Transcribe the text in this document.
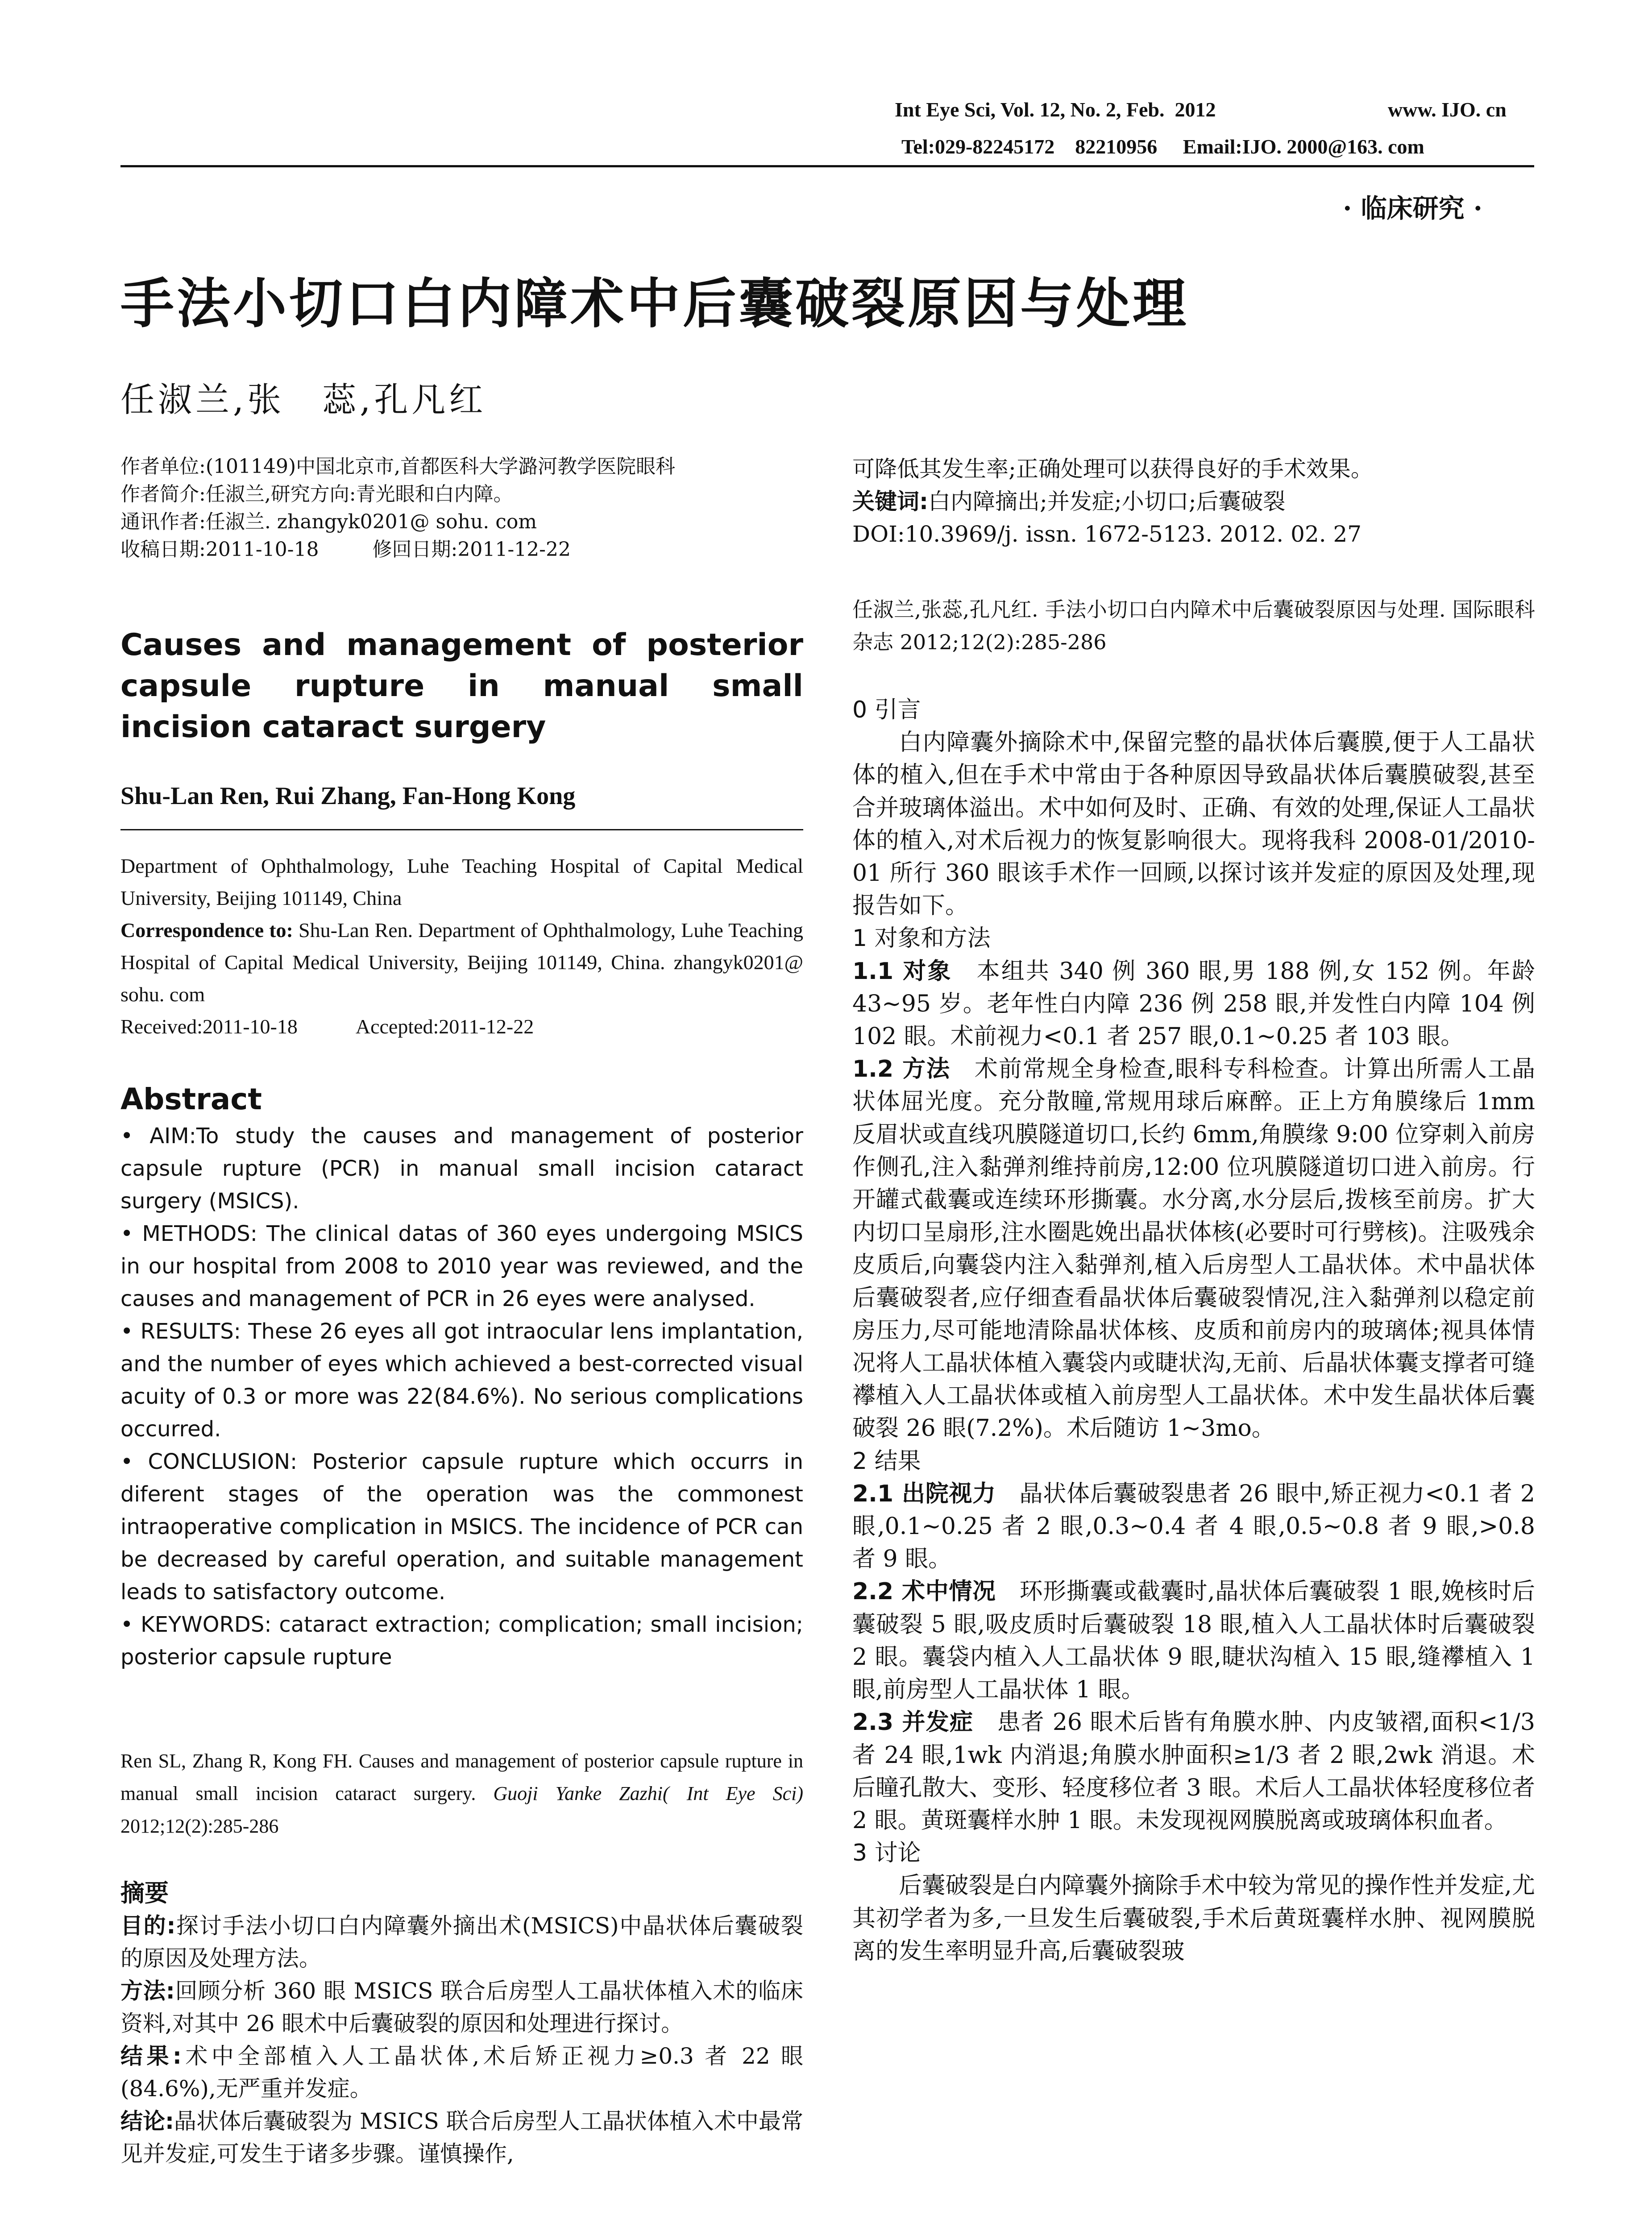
Int Eye Sci, Vol. 12, No. 2, Feb.  2012	www. IJO. cn
Tel:029-82245172    82210956     Email:IJO. 2000@163. com
· 临床研究 ·
手法小切口白内障术中后囊破裂原因与处理
任淑兰,张　蕊,孔凡红

作者单位:(101149)中国北京市,首都医科大学潞河教学医院眼科

作者简介:任淑兰,研究方向:青光眼和白内障。

通讯作者:任淑兰. zhangyk0201@ sohu. com

收稿日期:2011-10-18	修回日期:2011-12-22

Causes and management of posterior capsule rupture in manual small incision cataract surgery
Shu-Lan Ren, Rui Zhang, Fan-Hong Kong

Department of Ophthalmology, Luhe Teaching Hospital of Capital Medical University, Beijing 101149, China

Correspondence to: Shu-Lan Ren. Department of Ophthalmology, Luhe Teaching Hospital of Capital Medical University, Beijing 101149, China. zhangyk0201@ sohu. com

Received:2011-10-18	Accepted:2011-12-22

Abstract

• AIM:To study the causes and management of posterior capsule rupture (PCR) in manual small incision cataract surgery (MSICS).

• METHODS: The clinical datas of 360 eyes undergoing MSICS in our hospital from 2008 to 2010 year was reviewed, and the causes and management of PCR in 26 eyes were analysed.

• RESULTS: These 26 eyes all got intraocular lens implantation, and the number of eyes which achieved a best-corrected visual acuity of 0.3 or more was 22(84.6%). No serious complications occurred.

• CONCLUSION: Posterior capsule rupture which occurrs in diferent stages of the operation was the commonest intraoperative complication in MSICS. The incidence of PCR can be decreased by careful operation, and suitable management leads to satisfactory outcome.

• KEYWORDS: cataract extraction; complication; small incision; posterior capsule rupture

Ren SL, Zhang R, Kong FH. Causes and management of posterior capsule rupture in manual small incision cataract surgery. Guoji Yanke Zazhi( Int Eye Sci) 2012;12(2):285-286

摘要

目的:探讨手法小切口白内障囊外摘出术(MSICS)中晶状体后囊破裂的原因及处理方法。

方法:回顾分析 360 眼 MSICS 联合后房型人工晶状体植入术的临床资料,对其中 26 眼术中后囊破裂的原因和处理进行探讨。

结果:术中全部植入人工晶状体,术后矫正视力≥0.3 者 22 眼(84.6%),无严重并发症。

结论:晶状体后囊破裂为 MSICS 联合后房型人工晶状体植入术中最常见并发症,可发生于诸多步骤。谨慎操作,

可降低其发生率;正确处理可以获得良好的手术效果。

关键词:白内障摘出;并发症;小切口;后囊破裂

DOI:10.3969/j. issn. 1672-5123. 2012. 02. 27

任淑兰,张蕊,孔凡红. 手法小切口白内障术中后囊破裂原因与处理. 国际眼科杂志 2012;12(2):285-286

0 引言

白内障囊外摘除术中,保留完整的晶状体后囊膜,便于人工晶状体的植入,但在手术中常由于各种原因导致晶状体后囊膜破裂,甚至合并玻璃体溢出。术中如何及时、正确、有效的处理,保证人工晶状体的植入,对术后视力的恢复影响很大。现将我科 2008-01/2010-01 所行 360 眼该手术作一回顾,以探讨该并发症的原因及处理,现报告如下。

1 对象和方法

1.1 对象　 本组共 340 例 360 眼,男 188 例,女 152 例。年龄 43~95 岁。老年性白内障 236 例 258 眼,并发性白内障 104 例 102 眼。术前视力<0.1 者 257 眼,0.1~0.25 者 103 眼。

1.2 方法　 术前常规全身检查,眼科专科检查。计算出所需人工晶状体屈光度。充分散瞳,常规用球后麻醉。正上方角膜缘后 1mm 反眉状或直线巩膜隧道切口,长约 6mm,角膜缘 9:00 位穿刺入前房作侧孔,注入黏弹剂维持前房,12:00 位巩膜隧道切口进入前房。行开罐式截囊或连续环形撕囊。水分离,水分层后,拨核至前房。扩大内切口呈扇形,注水圈匙娩出晶状体核(必要时可行劈核)。注吸残余皮质后,向囊袋内注入黏弹剂,植入后房型人工晶状体。术中晶状体后囊破裂者,应仔细查看晶状体后囊破裂情况,注入黏弹剂以稳定前房压力,尽可能地清除晶状体核、皮质和前房内的玻璃体;视具体情况将人工晶状体植入囊袋内或睫状沟,无前、后晶状体囊支撑者可缝襻植入人工晶状体或植入前房型人工晶状体。术中发生晶状体后囊破裂 26 眼(7.2%)。术后随访 1~3mo。

2 结果

2.1 出院视力　 晶状体后囊破裂患者 26 眼中,矫正视力<0.1 者 2 眼,0.1~0.25 者 2 眼,0.3~0.4 者 4 眼,0.5~0.8 者 9 眼,>0.8 者 9 眼。

2.2 术中情况　 环形撕囊或截囊时,晶状体后囊破裂 1 眼,娩核时后囊破裂 5 眼,吸皮质时后囊破裂 18 眼,植入人工晶状体时后囊破裂 2 眼。囊袋内植入人工晶状体 9 眼,睫状沟植入 15 眼,缝襻植入 1 眼,前房型人工晶状体 1 眼。

2.3 并发症　 患者 26 眼术后皆有角膜水肿、内皮皱褶,面积<1/3 者 24 眼,1wk 内消退;角膜水肿面积≥1/3 者 2 眼,2wk 消退。术后瞳孔散大、变形、轻度移位者 3 眼。术后人工晶状体轻度移位者 2 眼。黄斑囊样水肿 1 眼。未发现视网膜脱离或玻璃体积血者。

3 讨论

后囊破裂是白内障囊外摘除手术中较为常见的操作性并发症,尤其初学者为多,一旦发生后囊破裂,手术后黄斑囊样水肿、视网膜脱离的发生率明显升高,后囊破裂玻
